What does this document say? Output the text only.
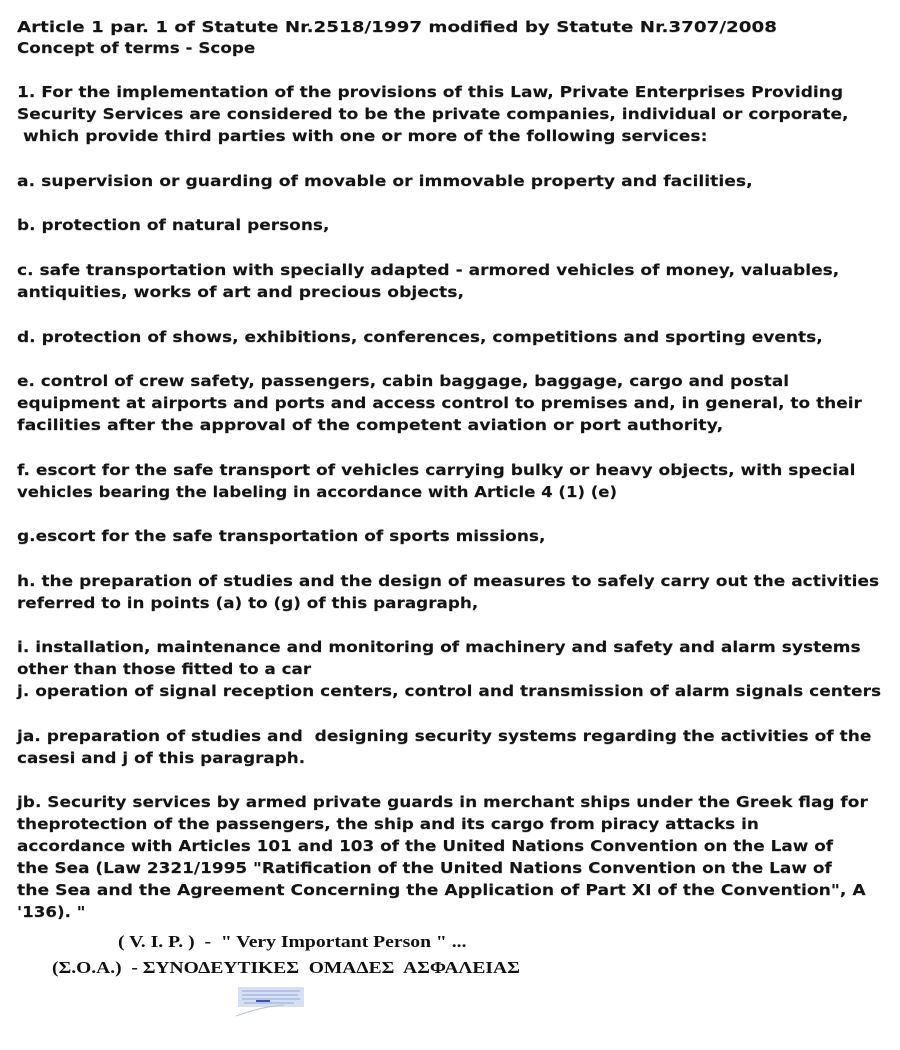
Article 1 par. 1 of Statute Nr.2518/1997 modified by Statute Nr.3707/2008
Concept of terms - Scope
1. For the implementation of the provisions of this Law, Private Enterprises Providing
Security Services are considered to be the private companies, individual or corporate,
which provide third parties with one or more of the following services:
a. supervision or guarding of movable or immovable property and facilities,
b. protection of natural persons,
c. safe transportation with specially adapted - armored vehicles of money, valuables,
antiquities, works of art and precious objects,
d. protection of shows, exhibitions, conferences, competitions and sporting events,
e. control of crew safety, passengers, cabin baggage, baggage, cargo and postal
equipment at airports and ports and access control to premises and, in general, to their
facilities after the approval of the competent aviation or port authority,
f. escort for the safe transport of vehicles carrying bulky or heavy objects, with special
vehicles bearing the labeling in accordance with Article 4 (1) (e)
g.escort for the safe transportation of sports missions,
h. the preparation of studies and the design of measures to safely carry out the activities
referred to in points (a) to (g) of this paragraph,
i. installation, maintenance and monitoring of machinery and safety and alarm systems
other than those fitted to a car
j. operation of signal reception centers, control and transmission of alarm signals centers
ja. preparation of studies and  designing security systems regarding the activities of the
casesi and j of this paragraph.
jb. Security services by armed private guards in merchant ships under the Greek flag for
theprotection of the passengers, the ship and its cargo from piracy attacks in
accordance with Articles 101 and 103 of the United Nations Convention on the Law of
the Sea (Law 2321/1995 "Ratification of the United Nations Convention on the Law of
the Sea and the Agreement Concerning the Application of Part XI of the Convention", A
'136). "
( V. I. P. )  -  " Very Important Person " ...
(Σ.Ο.Α.)  - ΣΥΝΟΔΕΥΤΙΚΕΣ  ΟΜΑΔΕΣ  ΑΣΦΑΛΕΙΑΣ
